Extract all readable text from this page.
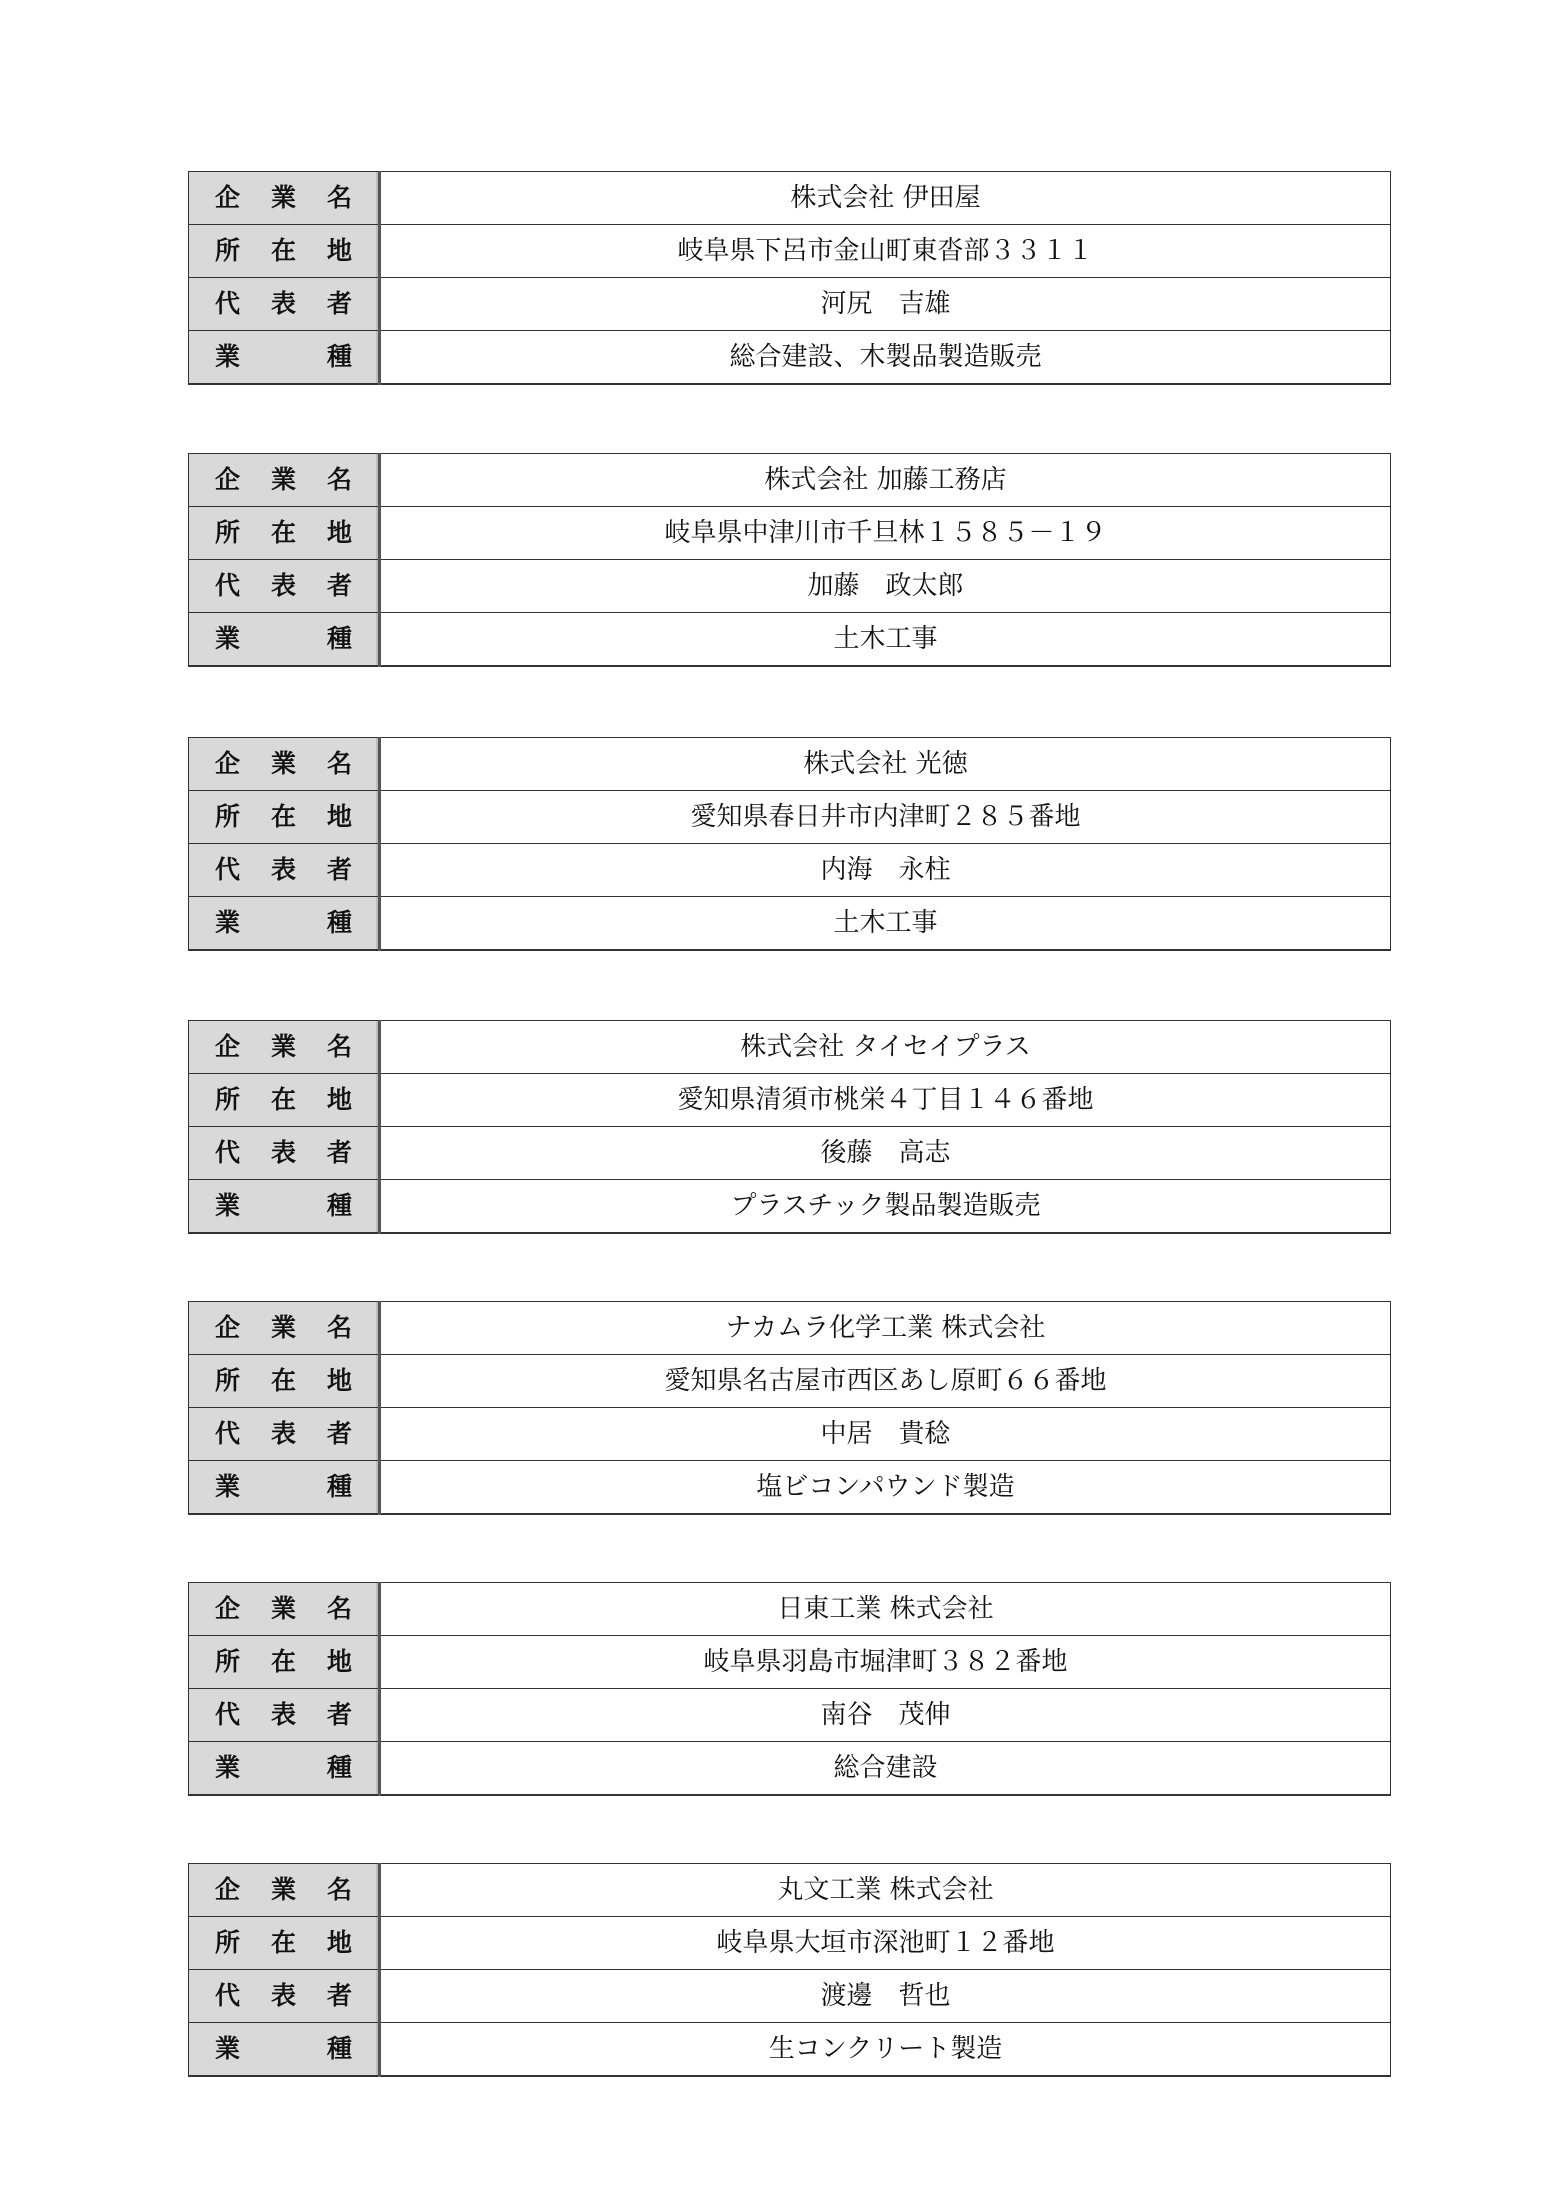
企 業 名	株式会社 伊田屋

所 在 地	岐阜県下呂市金山町東沓部３３１１

代 表 者	河尻　吉雄

業 種	総合建設、木製品製造販売
企 業 名	株式会社 加藤工務店

所 在 地	岐阜県中津川市千旦林１５８５－１９

代 表 者	加藤　政太郎

業 種	土木工事
企 業 名	株式会社 光徳

所 在 地	愛知県春日井市内津町２８５番地

代 表 者	内海　永柱

業 種	土木工事
企 業 名	株式会社 タイセイプラス

所 在 地	愛知県清須市桃栄４丁目１４６番地

代 表 者	後藤　高志

業 種	プラスチック製品製造販売
企 業 名	ナカムラ化学工業 株式会社

所 在 地	愛知県名古屋市西区あし原町６６番地

代 表 者	中居　貴稔

業 種	塩ビコンパウンド製造
企 業 名	日東工業 株式会社

所 在 地	岐阜県羽島市堀津町３８２番地

代 表 者	南谷　茂伸

業 種	総合建設
企 業 名	丸文工業 株式会社

所 在 地	岐阜県大垣市深池町１２番地

代 表 者	渡邊　哲也

業 種	生コンクリート製造
